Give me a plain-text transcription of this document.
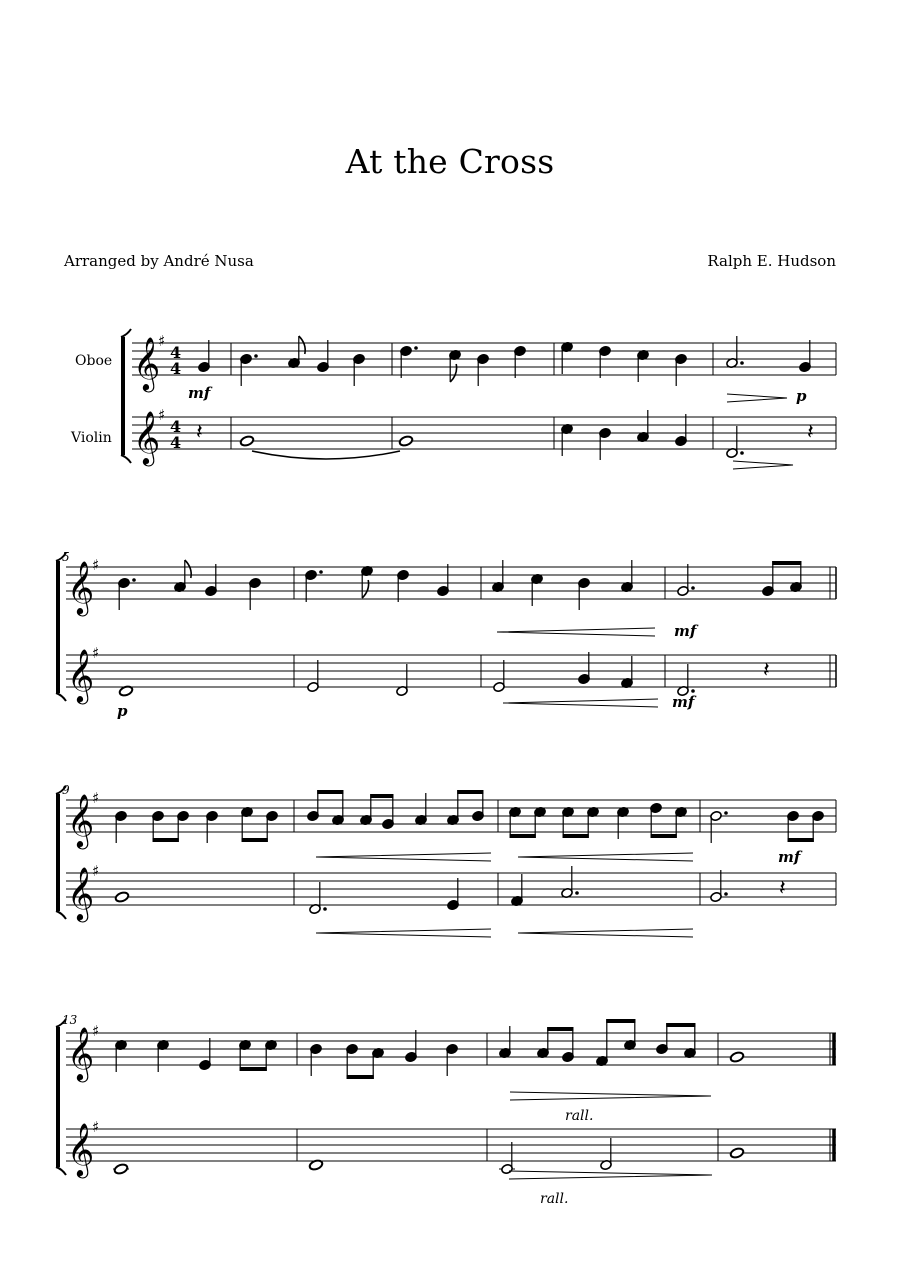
At the Cross
Arranged by André Nusa	Ralph E. Hudson
Oboe
Violin
𝄞
♯
4
4
𝄞
♯
4
4
mf	p
𝄽	𝄽
5
𝄞
♯
𝄞
♯
mf
p
𝄽
mf
9
𝄞
♯
𝄞
♯
mf
𝄽
13
𝄞
♯
𝄞
♯
rall.
rall.
